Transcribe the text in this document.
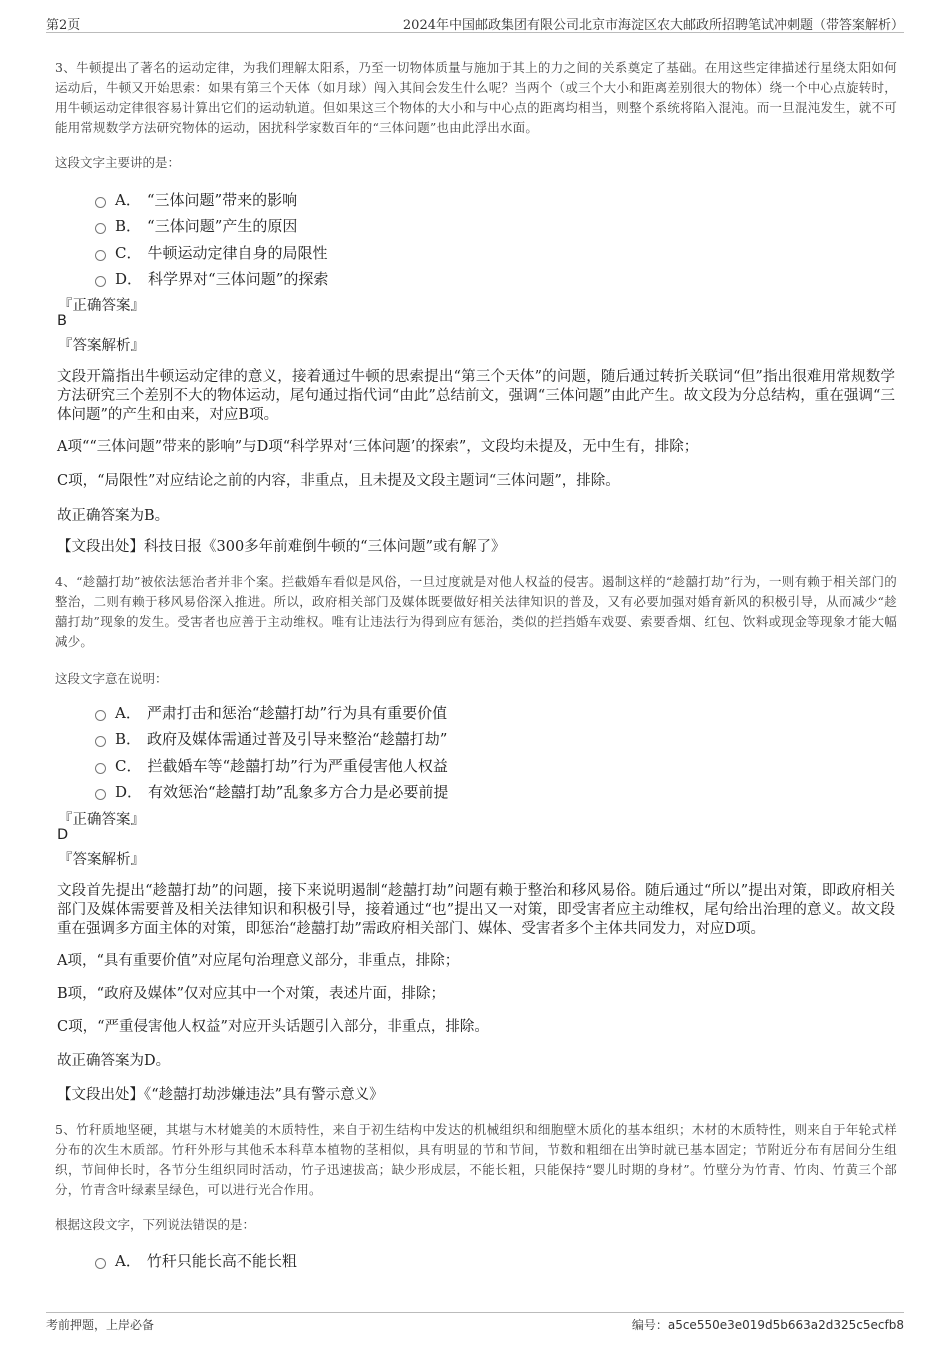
第2页	2024年中国邮政集团有限公司北京市海淀区农大邮政所招聘笔试冲刺题（带答案解析）
3、牛顿提出了著名的运动定律，为我们理解太阳系，乃至一切物体质量与施加于其上的力之间的关系奠定了基础。在用这些定律描述行星绕太阳如何运动后，牛顿又开始思索：如果有第三个天体（如月球）闯入其间会发生什么呢？当两个（或三个大小和距离差别很大的物体）绕一个中心点旋转时，用牛顿运动定律很容易计算出它们的运动轨道。但如果这三个物体的大小和与中心点的距离均相当，则整个系统将陷入混沌。而一旦混沌发生，就不可能用常规数学方法研究物体的运动，困扰科学家数百年的“三体问题”也由此浮出水面。
这段文字主要讲的是：
A． “三体问题”带来的影响
B． “三体问题”产生的原因
C． 牛顿运动定律自身的局限性
D． 科学界对“三体问题”的探索
『正确答案』
B
『答案解析』
文段开篇指出牛顿运动定律的意义，接着通过牛顿的思索提出“第三个天体”的问题，随后通过转折关联词“但”指出很难用常规数学方法研究三个差别不大的物体运动，尾句通过指代词“由此”总结前文，强调“三体问题”由此产生。故文段为分总结构，重在强调“三体问题”的产生和由来，对应B项。
A项““三体问题”带来的影响”与D项“科学界对‘三体问题’的探索”，文段均未提及，无中生有，排除；
C项，“局限性”对应结论之前的内容，非重点，且未提及文段主题词“三体问题”，排除。
故正确答案为B。
【文段出处】科技日报《300多年前难倒牛顿的“三体问题”或有解了》
4、“趁囍打劫”被依法惩治者并非个案。拦截婚车看似是风俗，一旦过度就是对他人权益的侵害。遏制这样的“趁囍打劫”行为，一则有赖于相关部门的整治，二则有赖于移风易俗深入推进。所以，政府相关部门及媒体既要做好相关法律知识的普及，又有必要加强对婚育新风的积极引导，从而减少“趁囍打劫”现象的发生。受害者也应善于主动维权。唯有让违法行为得到应有惩治，类似的拦挡婚车戏耍、索要香烟、红包、饮料或现金等现象才能大幅减少。
这段文字意在说明：
A． 严肃打击和惩治“趁囍打劫”行为具有重要价值
B． 政府及媒体需通过普及引导来整治“趁囍打劫”
C． 拦截婚车等“趁囍打劫”行为严重侵害他人权益
D． 有效惩治“趁囍打劫”乱象多方合力是必要前提
『正确答案』
D
『答案解析』
文段首先提出“趁囍打劫”的问题，接下来说明遏制“趁囍打劫”问题有赖于整治和移风易俗。随后通过“所以”提出对策，即政府相关部门及媒体需要普及相关法律知识和积极引导，接着通过“也”提出又一对策，即受害者应主动维权，尾句给出治理的意义。故文段重在强调多方面主体的对策，即惩治“趁囍打劫”需政府相关部门、媒体、受害者多个主体共同发力，对应D项。
A项，“具有重要价值”对应尾句治理意义部分，非重点，排除；
B项，“政府及媒体”仅对应其中一个对策，表述片面，排除；
C项，“严重侵害他人权益”对应开头话题引入部分，非重点，排除。
故正确答案为D。
【文段出处】《“趁囍打劫涉嫌违法”具有警示意义》
5、竹秆质地坚硬，其堪与木材媲美的木质特性，来自于初生结构中发达的机械组织和细胞壁木质化的基本组织；木材的木质特性，则来自于年轮式样分布的次生木质部。竹秆外形与其他禾本科草本植物的茎相似，具有明显的节和节间，节数和粗细在出笋时就已基本固定；节附近分布有居间分生组织，节间伸长时，各节分生组织同时活动，竹子迅速拔高；缺少形成层，不能长粗，只能保持“婴儿时期的身材”。竹壁分为竹青、竹肉、竹黄三个部分，竹青含叶绿素呈绿色，可以进行光合作用。
根据这段文字，下列说法错误的是：
A． 竹秆只能长高不能长粗
考前押题，上岸必备	编号：a5ce550e3e019d5b663a2d325c5ecfb8
